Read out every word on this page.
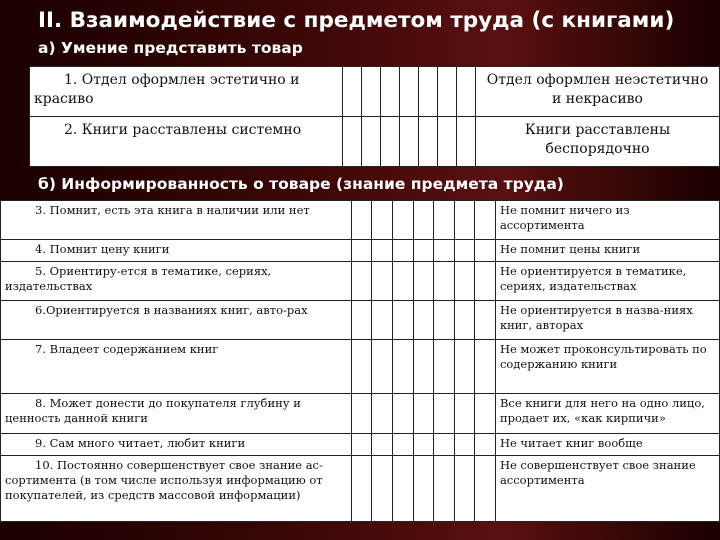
II. Взаимодействие с предметом труда (с книгами)
а) Умение представить товар
1. Отдел оформлен эстетично и красиво								Отдел оформлен неэстетично и некрасиво
2. Книги расставлены системно								Книги расставлены беспорядочно
б) Информированность о товаре (знание предмета труда)
3. Помнит, есть эта книга в наличии или нет								Не помнит ничего из ассортимента
4. Помнит цену книги								Не помнит цены книги
5. Ориентиру-ется в тематике, сериях, издательствах								Не ориентируется в тематике, сериях, издательствах
6.Ориентируется в названиях книг, авто-рах								Не ориентируется в назва-ниях книг, авторах
7. Владеет содержанием книг								Не может проконсультировать по содержанию книги
8. Может донести до покупателя глубину и ценность данной книги								Все книги для него на одно лицо, продает их, «как кирпичи»
9. Сам много читает, любит книги								Не читает книг вообще
10. Постоянно совершенствует свое знание ас-сортимента (в том числе используя информацию от покупателей, из средств массовой информации)								Не совершенствует свое знание ассортимента
